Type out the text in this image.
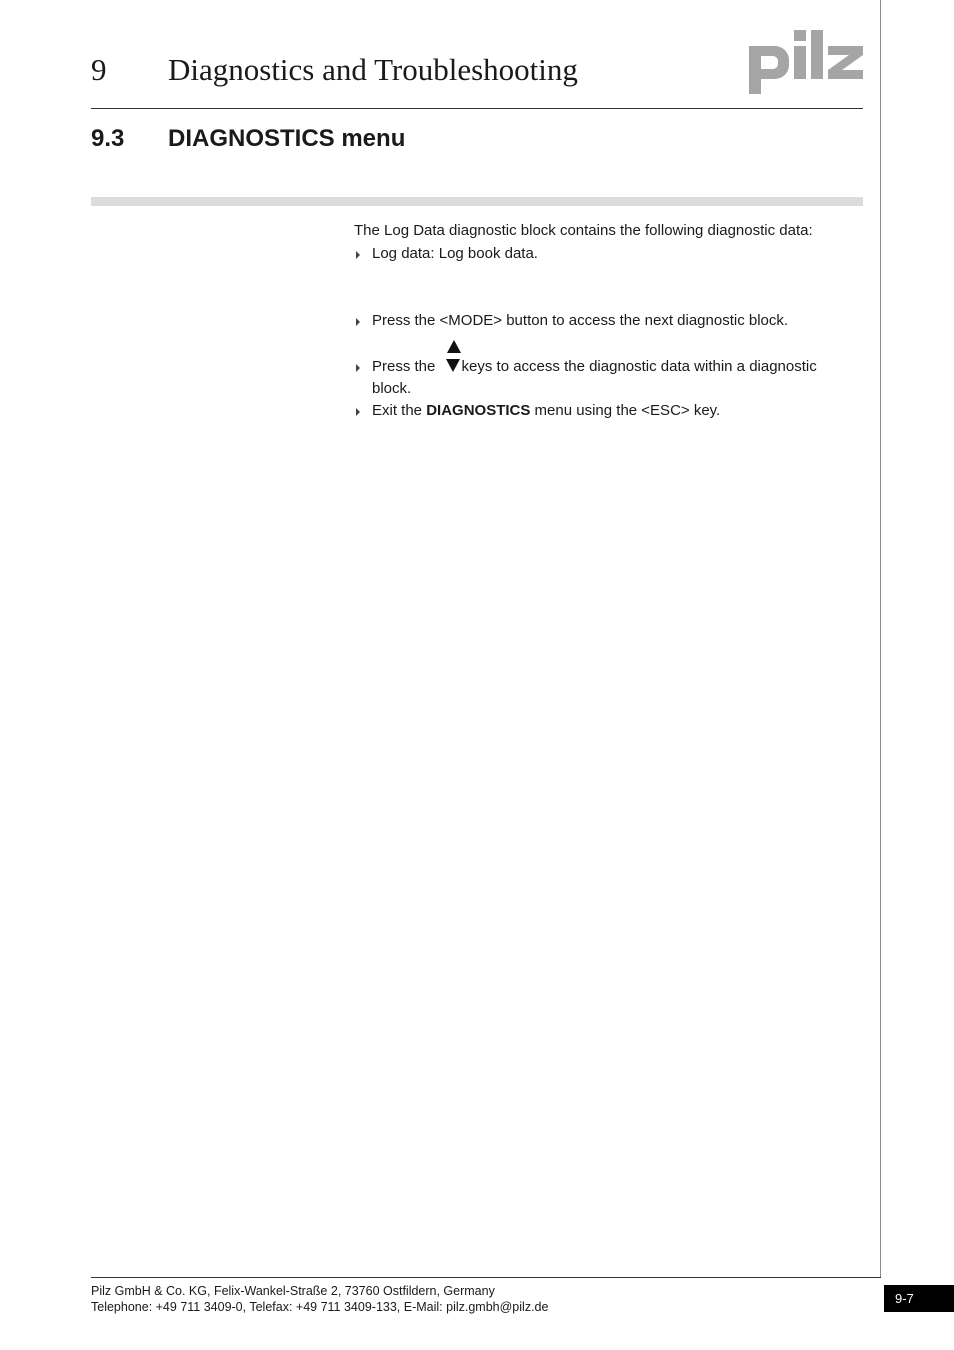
9 Diagnostics and Troubleshooting
9.3 DIAGNOSTICS menu
The Log Data diagnostic block contains the following diagnostic data:
Log data: Log book data.
Press the <MODE> button to access the next diagnostic block.
Press the keys to access the diagnostic data within a diagnostic
block.
Exit the DIAGNOSTICS menu using the <ESC> key.
Pilz GmbH & Co. KG, Felix-Wankel-Straße 2, 73760 Ostfildern, Germany
Telephone: +49 711 3409-0, Telefax: +49 711 3409-133, E-Mail: pilz.gmbh@pilz.de
9-7
